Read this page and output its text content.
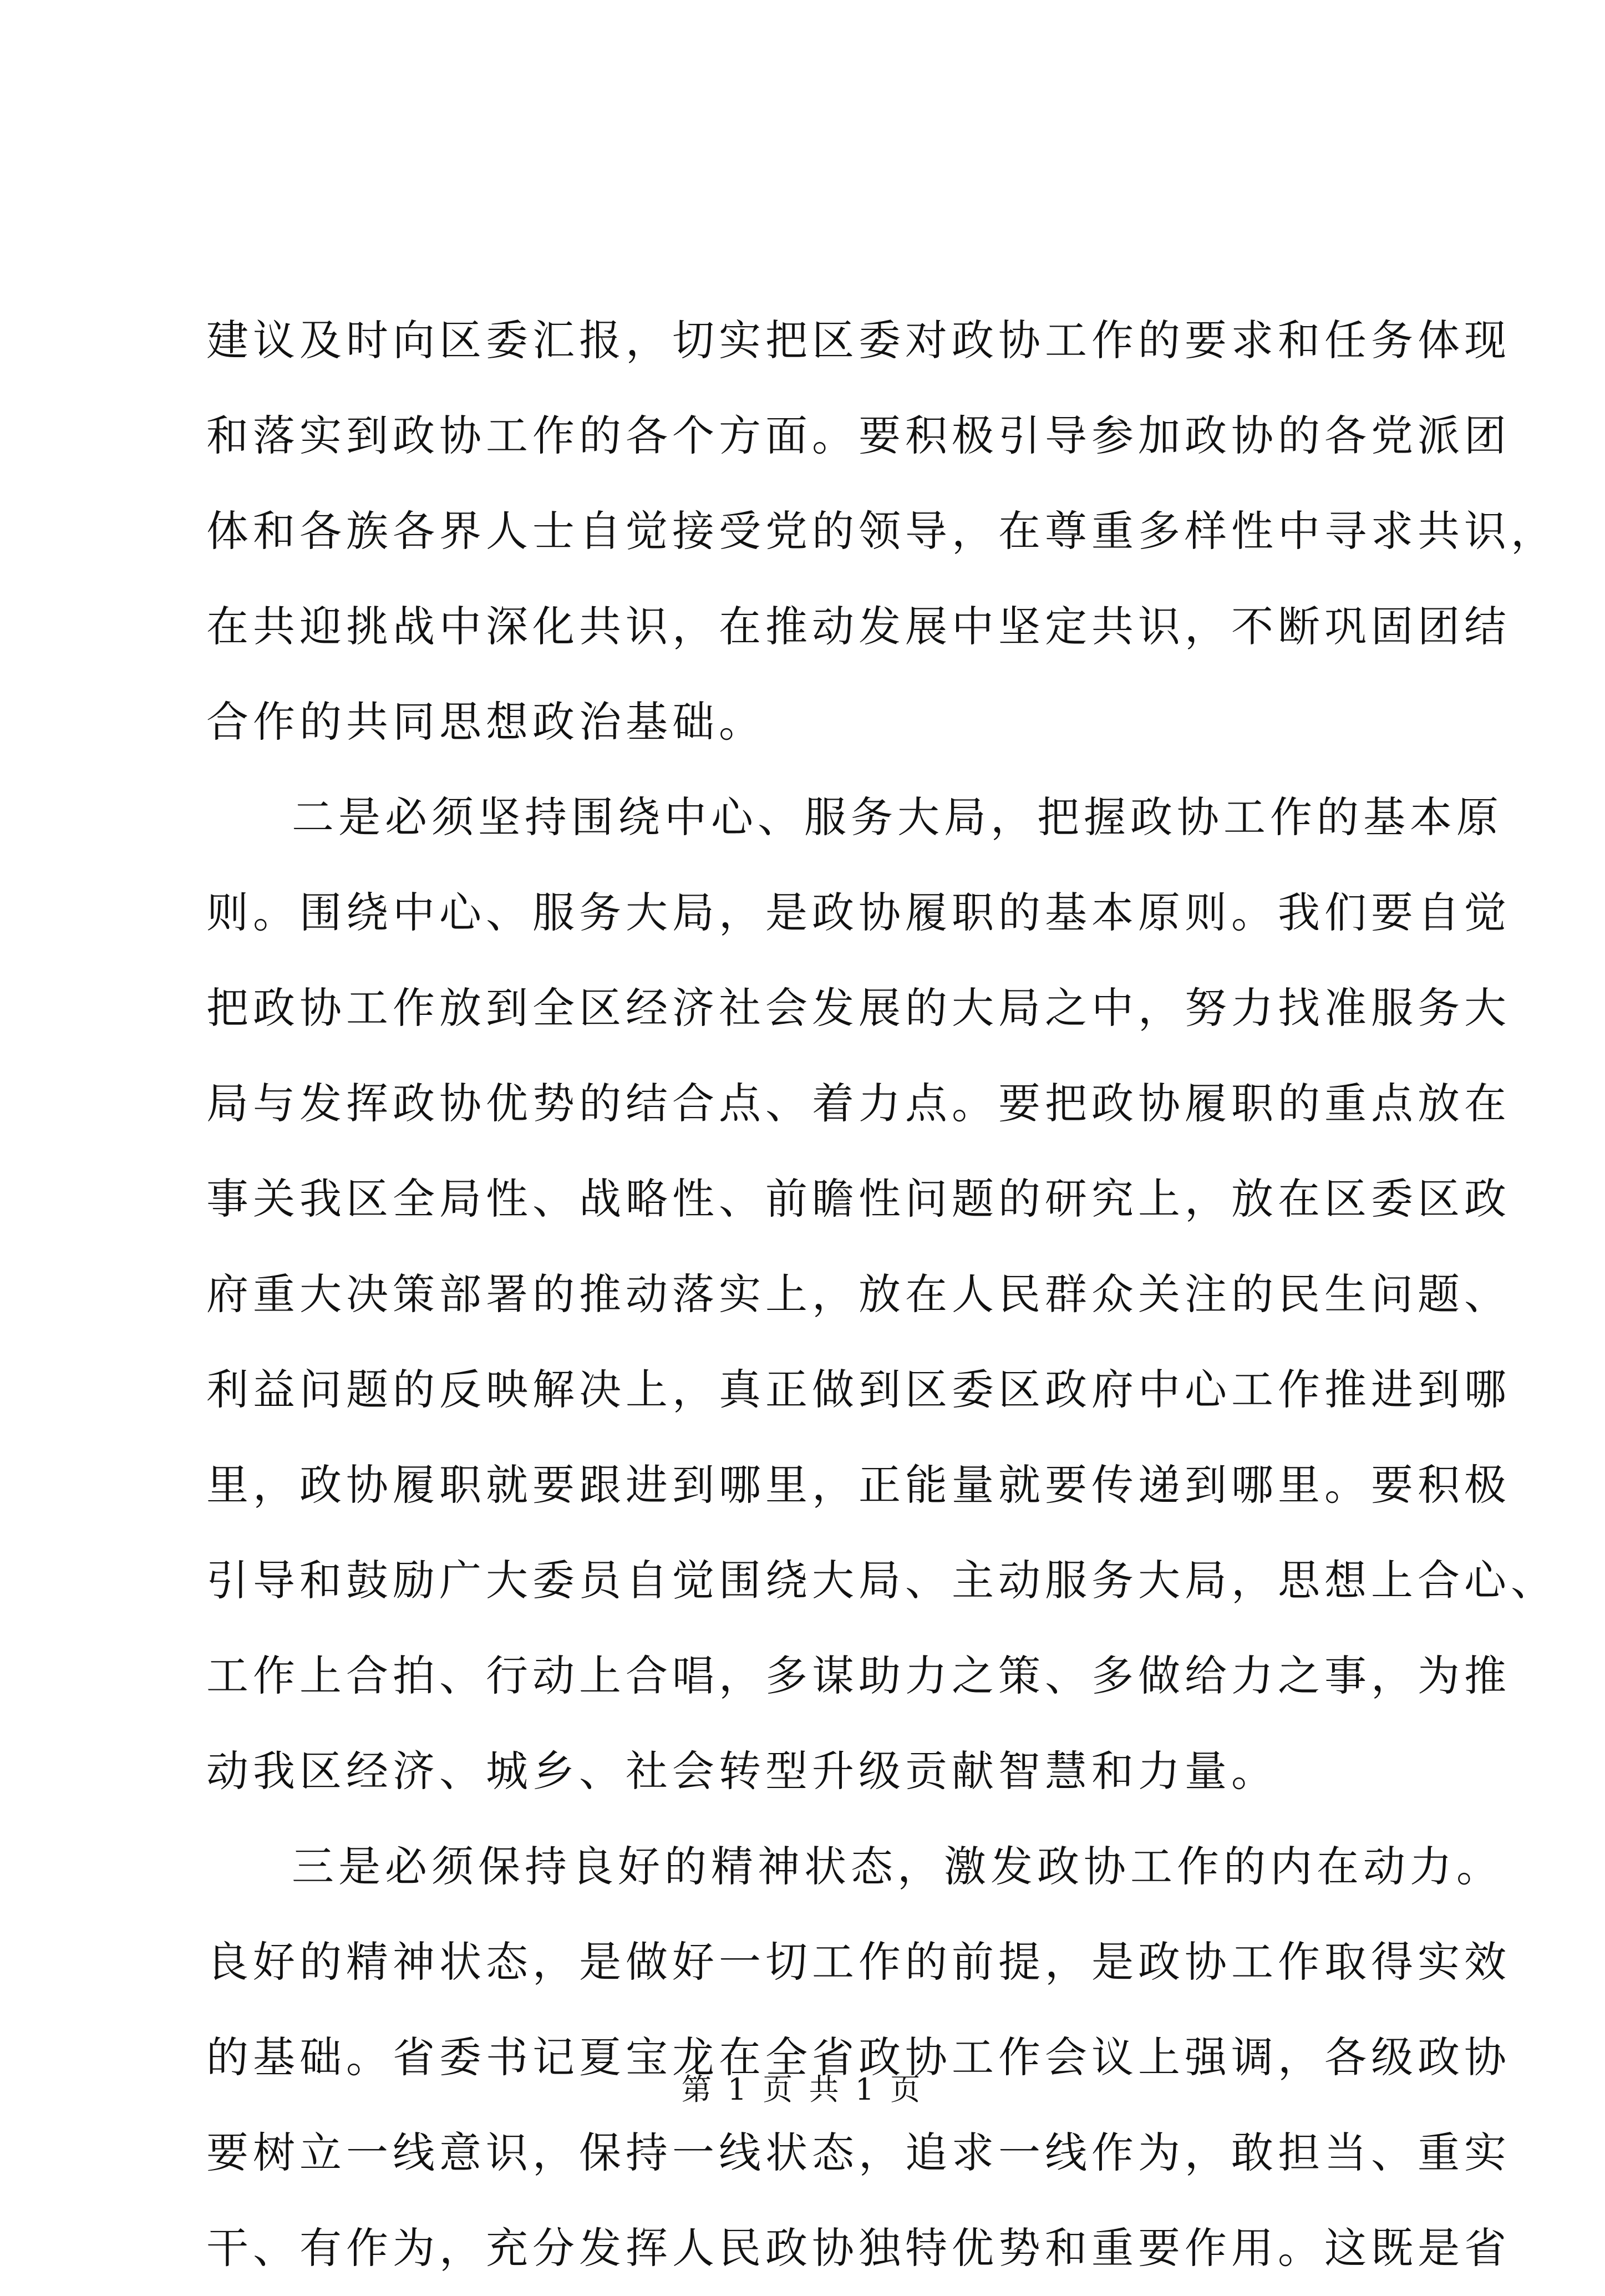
建议及时向区委汇报，切实把区委对政协工作的要求和任务体现
和落实到政协工作的各个方面。要积极引导参加政协的各党派团
体和各族各界人士自觉接受党的领导，在尊重多样性中寻求共识，
在共迎挑战中深化共识，在推动发展中坚定共识，不断巩固团结
合作的共同思想政治基础。
二是必须坚持围绕中心、服务大局，把握政协工作的基本原
则。围绕中心、服务大局，是政协履职的基本原则。我们要自觉
把政协工作放到全区经济社会发展的大局之中，努力找准服务大
局与发挥政协优势的结合点、着力点。要把政协履职的重点放在
事关我区全局性、战略性、前瞻性问题的研究上，放在区委区政
府重大决策部署的推动落实上，放在人民群众关注的民生问题、
利益问题的反映解决上，真正做到区委区政府中心工作推进到哪
里，政协履职就要跟进到哪里，正能量就要传递到哪里。要积极
引导和鼓励广大委员自觉围绕大局、主动服务大局，思想上合心、
工作上合拍、行动上合唱，多谋助力之策、多做给力之事，为推
动我区经济、城乡、社会转型升级贡献智慧和力量。
三是必须保持良好的精神状态，激发政协工作的内在动力。
良好的精神状态，是做好一切工作的前提，是政协工作取得实效
的基础。省委书记夏宝龙在全省政协工作会议上强调，各级政协
要树立一线意识，保持一线状态，追求一线作为，敢担当、重实
干、有作为，充分发挥人民政协独特优势和重要作用。这既是省
第 1 页 共 1 页
